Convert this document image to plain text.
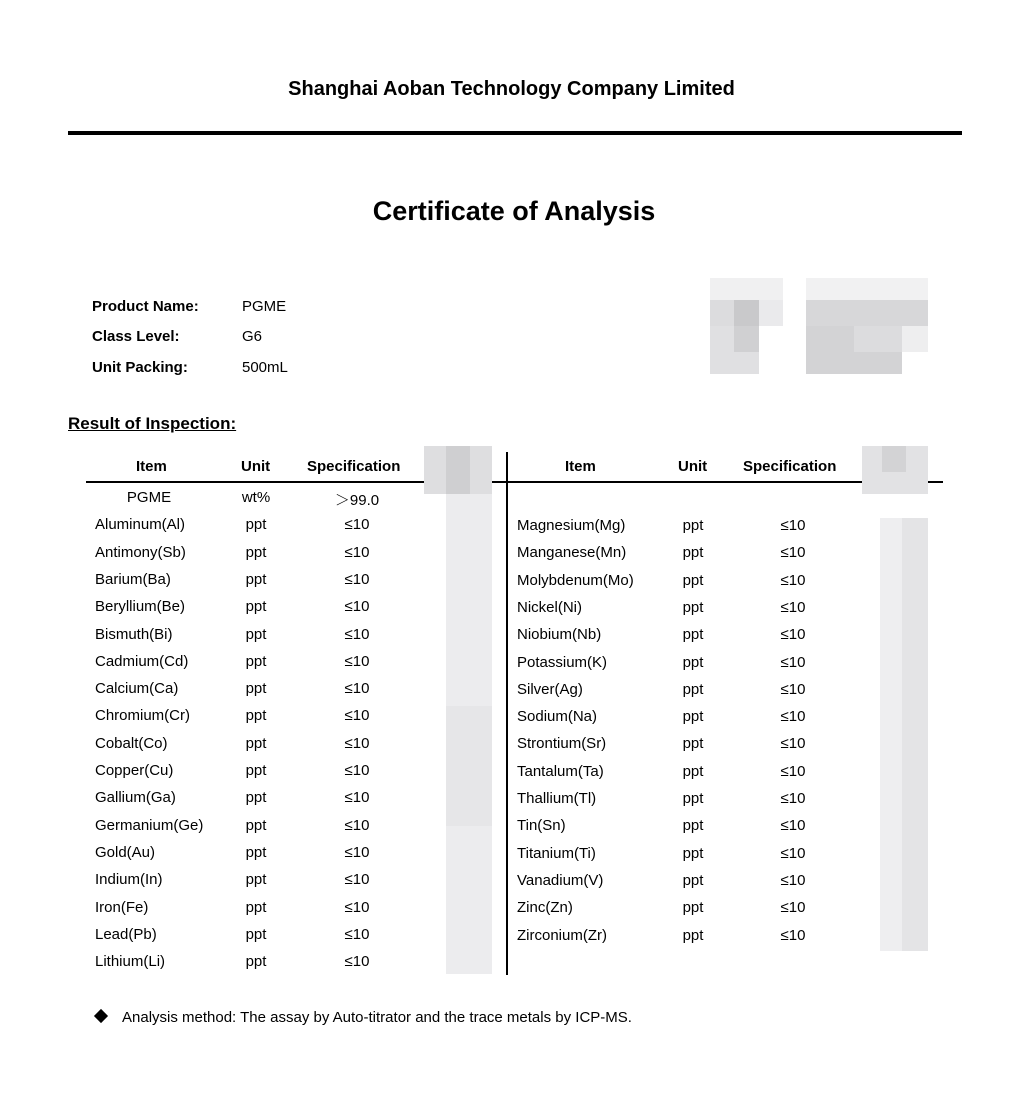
Shanghai Aoban Technology Company Limited
Certificate of Analysis
Product Name:	PGME
Class Level:	G6
Unit Packing:	500mL
Result of Inspection:
Item	Unit Specification	Item	Unit Specification
PGME	wt%	＞99.0
Aluminum(Al)	ppt	≤10
Antimony(Sb)	ppt	≤10
Barium(Ba)	ppt	≤10
Beryllium(Be)	ppt	≤10
Bismuth(Bi)	ppt	≤10
Cadmium(Cd)	ppt	≤10
Calcium(Ca)	ppt	≤10
Chromium(Cr)	ppt	≤10
Cobalt(Co)	ppt	≤10
Copper(Cu)	ppt	≤10
Gallium(Ga)	ppt	≤10
Germanium(Ge)	ppt	≤10
Gold(Au)	ppt	≤10
Indium(In)	ppt	≤10
Iron(Fe)	ppt	≤10
Lead(Pb)	ppt	≤10
Lithium(Li)	ppt	≤10
Magnesium(Mg)	ppt	≤10
Manganese(Mn)	ppt	≤10
Molybdenum(Mo)	ppt	≤10
Nickel(Ni)	ppt	≤10
Niobium(Nb)	ppt	≤10
Potassium(K)	ppt	≤10
Silver(Ag)	ppt	≤10
Sodium(Na)	ppt	≤10
Strontium(Sr)	ppt	≤10
Tantalum(Ta)	ppt	≤10
Thallium(Tl)	ppt	≤10
Tin(Sn)	ppt	≤10
Titanium(Ti)	ppt	≤10
Vanadium(V)	ppt	≤10
Zinc(Zn)	ppt	≤10
Zirconium(Zr)	ppt	≤10
Analysis method: The assay by Auto-titrator and the trace metals by ICP-MS.
